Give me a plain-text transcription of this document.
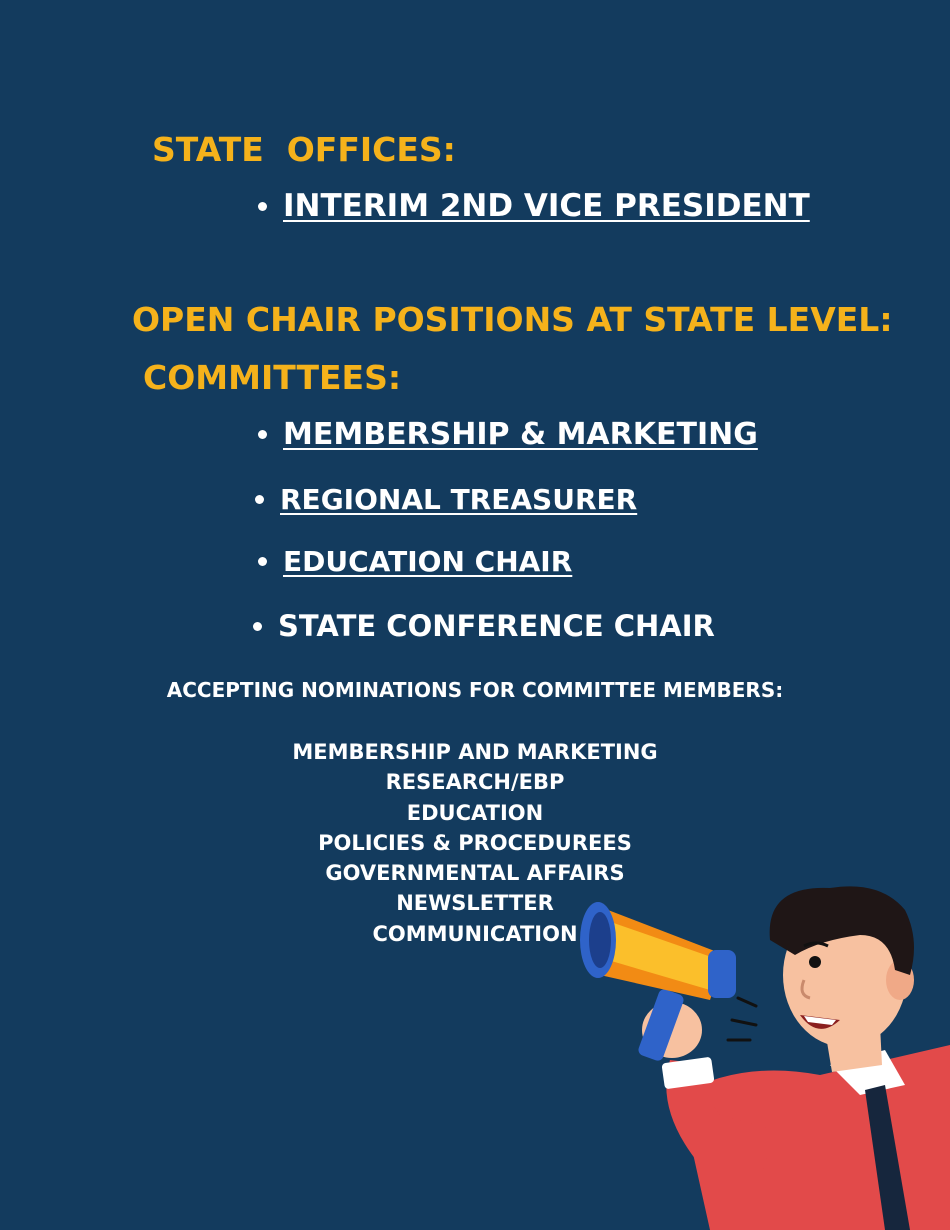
STATE  OFFICES:
INTERIM 2ND VICE PRESIDENT
OPEN CHAIR POSITIONS AT STATE LEVEL:
COMMITTEES:
MEMBERSHIP & MARKETING
REGIONAL TREASURER
EDUCATION CHAIR
STATE CONFERENCE CHAIR
ACCEPTING NOMINATIONS FOR COMMITTEE MEMBERS:
MEMBERSHIP AND MARKETING
RESEARCH/EBP
EDUCATION
POLICIES & PROCEDUREES
GOVERNMENTAL AFFAIRS
NEWSLETTER
COMMUNICATION
